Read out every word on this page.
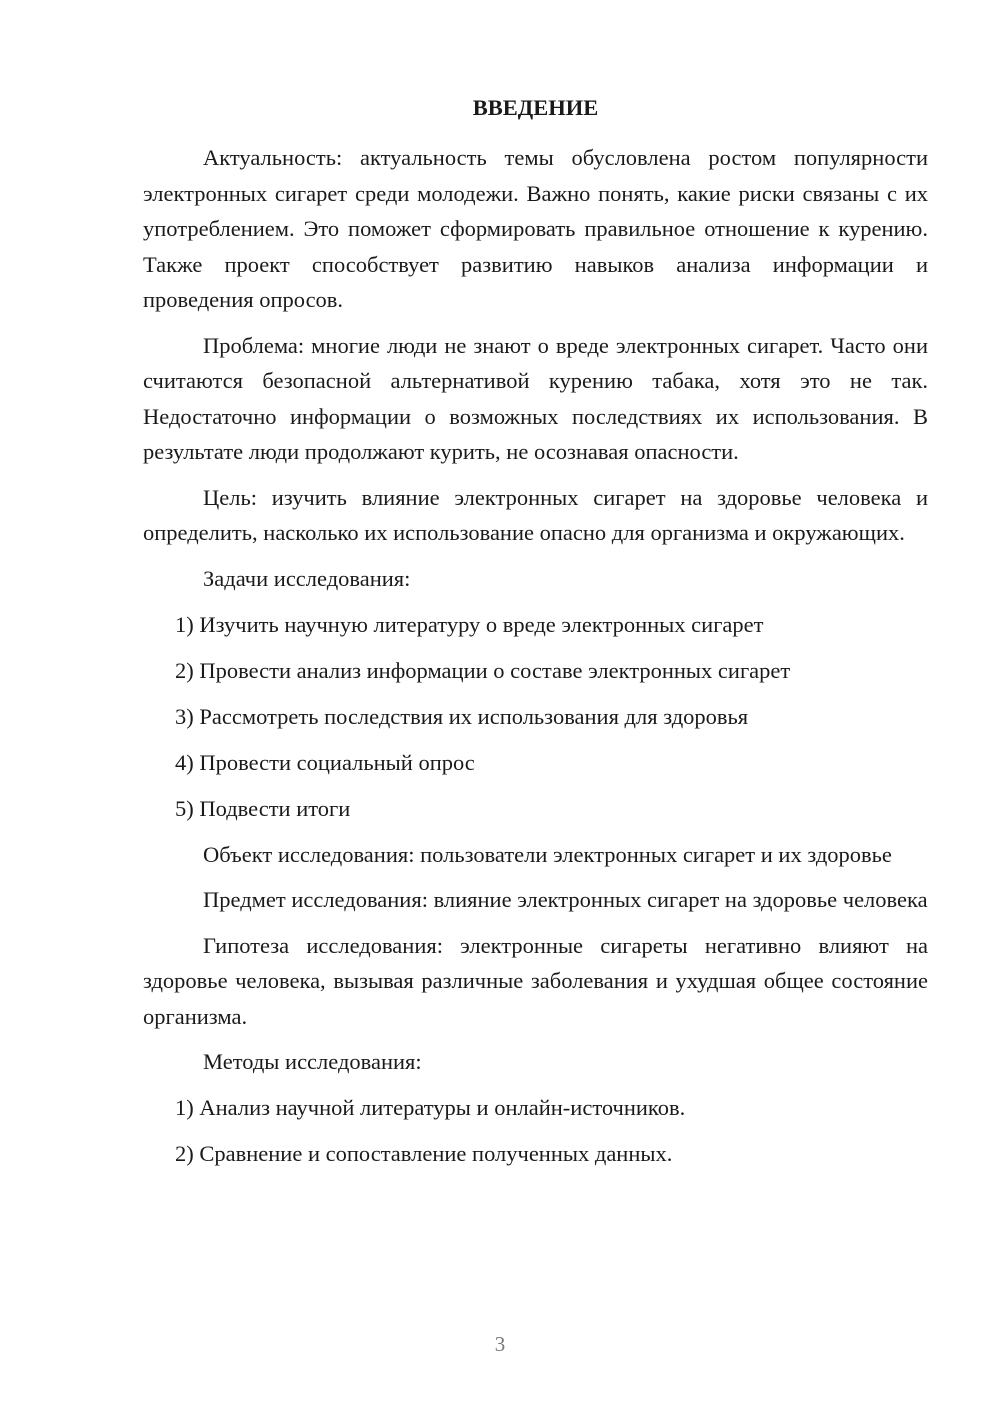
ВВЕДЕНИЕ

Актуальность: актуальность темы обусловлена ростом популярности электронных сигарет среди молодежи. Важно понять, какие риски связаны с их употреблением. Это поможет сформировать правильное отношение к курению. Также проект способствует развитию навыков анализа информации и проведения опросов.

Проблема: многие люди не знают о вреде электронных сигарет. Часто они считаются безопасной альтернативой курению табака, хотя это не так. Недостаточно информации о возможных последствиях их использования. В результате люди продолжают курить, не осознавая опасности.

Цель: изучить влияние электронных сигарет на здоровье человека и определить, насколько их использование опасно для организма и окружающих.

Задачи исследования:

1) Изучить научную литературу о вреде электронных сигарет
2) Провести анализ информации о составе электронных сигарет
3) Рассмотреть последствия их использования для здоровья
4) Провести социальный опрос
5) Подвести итоги

Объект исследования: пользователи электронных сигарет и их здоровье

Предмет исследования: влияние электронных сигарет на здоровье человека

Гипотеза исследования: электронные сигареты негативно влияют на здоровье человека, вызывая различные заболевания и ухудшая общее состояние организма.

Методы исследования:

1) Анализ научной литературы и онлайн-источников.
2) Сравнение и сопоставление полученных данных.
3
